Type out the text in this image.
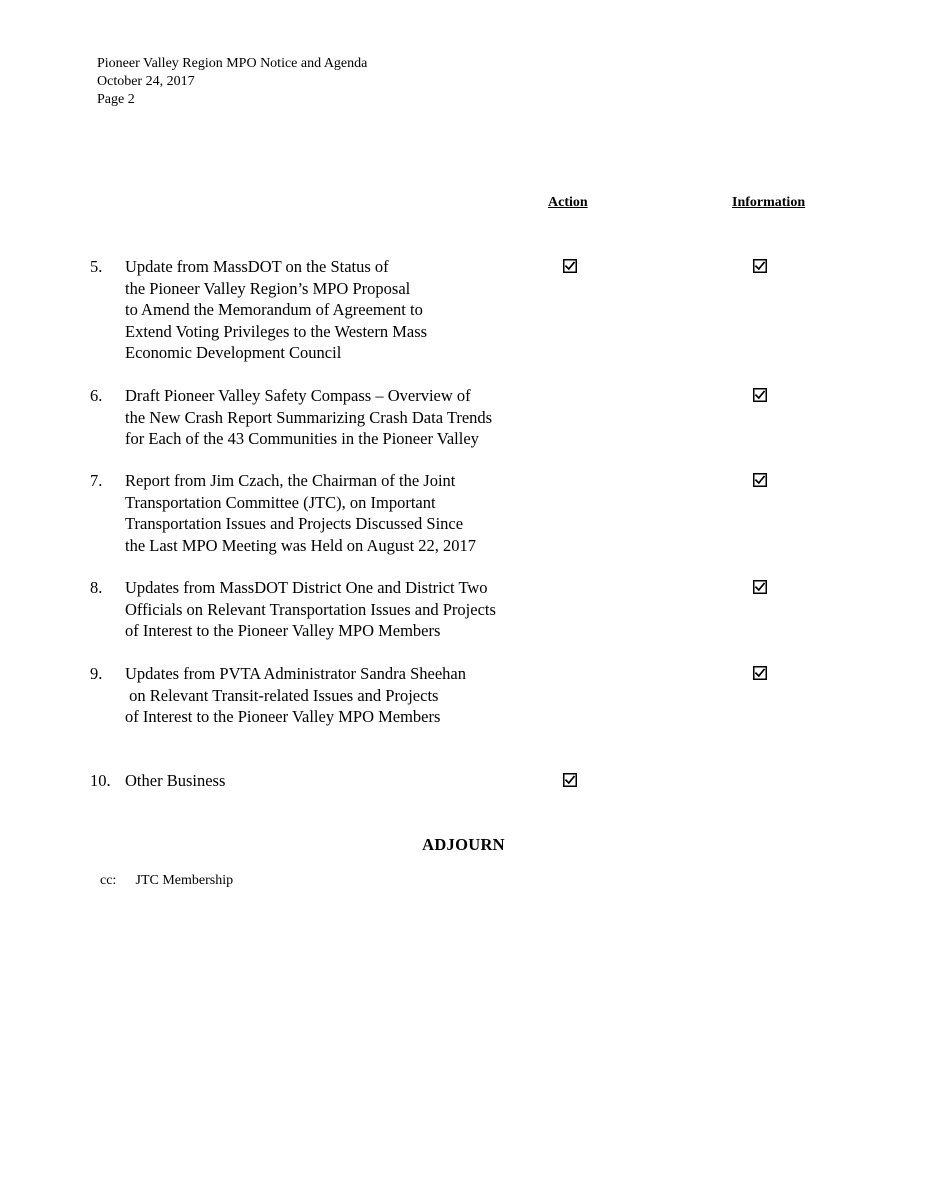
Pioneer Valley Region MPO Notice and Agenda
October 24, 2017
Page 2
Action	Information
5. Update from MassDOT on the Status of
the Pioneer Valley Region’s MPO Proposal
to Amend the Memorandum of Agreement to
Extend Voting Privileges to the Western Mass
Economic Development Council
6. Draft Pioneer Valley Safety Compass – Overview of
the New Crash Report Summarizing Crash Data Trends
for Each of the 43 Communities in the Pioneer Valley
7. Report from Jim Czach, the Chairman of the Joint
Transportation Committee (JTC), on Important
Transportation Issues and Projects Discussed Since
the Last MPO Meeting was Held on August 22, 2017
8. Updates from MassDOT District One and District Two
Officials on Relevant Transportation Issues and Projects
of Interest to the Pioneer Valley MPO Members
9. Updates from PVTA Administrator Sandra Sheehan
on Relevant Transit-related Issues and Projects
of Interest to the Pioneer Valley MPO Members
10. Other Business
ADJOURN
cc: JTC Membership
